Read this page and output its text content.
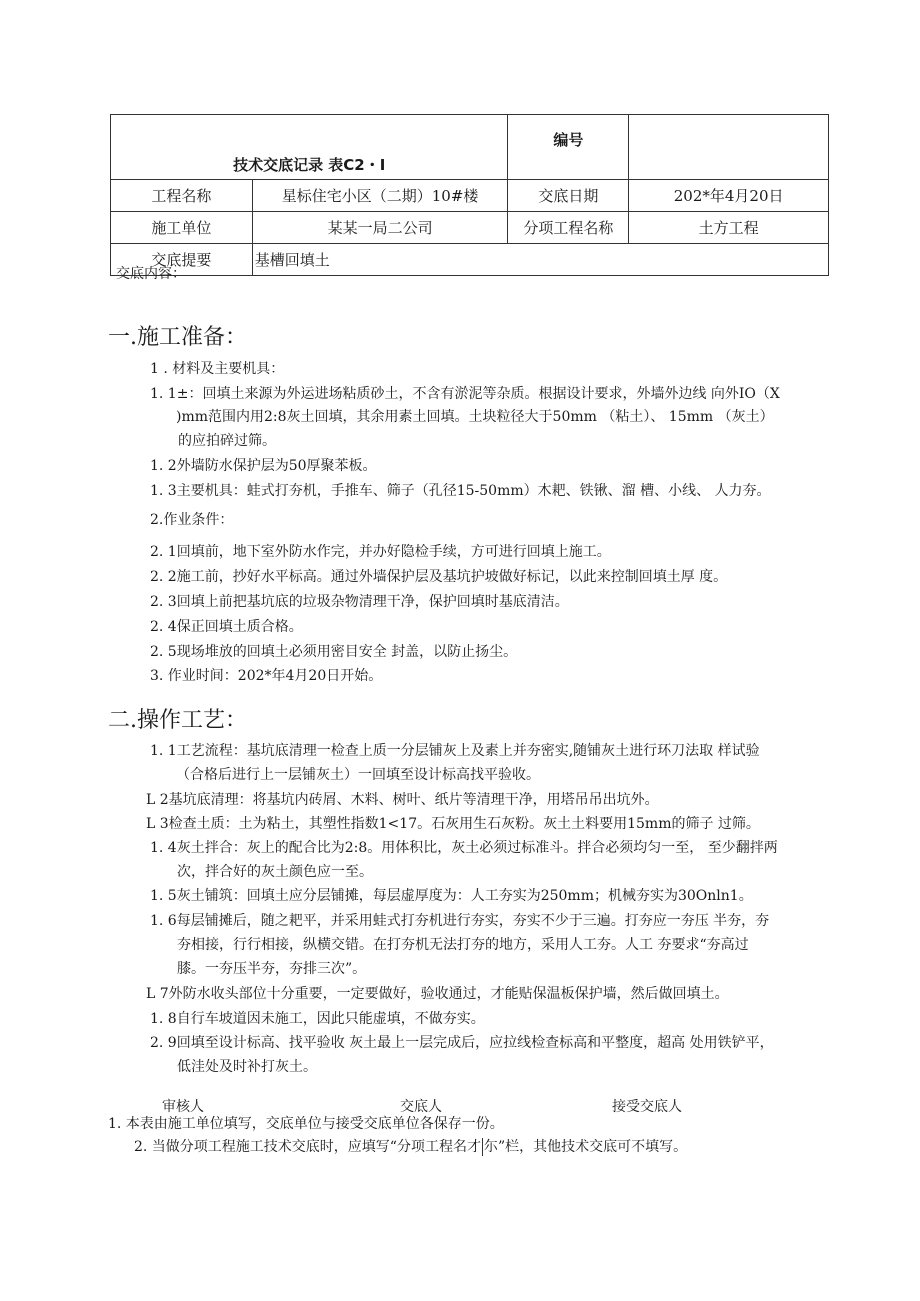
技术交底记录 表C2・I		编号	
工程名称	星标住宅小区（二期）10#楼	交底日期	202*年4月20日
施工单位	某某一局二公司	分项工程名称	土方工程
交底提要	基槽回填土		
交底内容：
一.施工准备：
1 . 材料及主要机具：
1. 1±：回填土来源为外运进场粘质砂土，不含有淤泥等杂质。根据设计要求，外墙外边线 向外IO（X
)mm范围内用2:8灰土回填，其余用素土回填。土块粒径大于50mm （粘土）、 15mm （灰土）
的应拍碎过筛。
1. 2外墙防水保护层为50厚聚苯板。
1. 3主要机具：蛙式打夯机，手推车、筛子（孔径15-50mm）木耙、铁锹、溜 槽、小线、 人力夯。
2.作业条件：
2. 1回填前，地下室外防水作完，并办好隐检手续，方可进行回填上施工。
2. 2施工前，抄好水平标高。通过外墙保护层及基坑护坡做好标记，以此来控制回填土厚 度。
2. 3回填上前把基坑底的垃圾杂物清理干净，保护回填时基底清洁。
2. 4保正回填土质合格。
2. 5现场堆放的回填土必须用密目安全 封盖，以防止扬尘。
3. 作业时间：202*年4月20日开始。
二.操作工艺：
1. 1工艺流程：基坑底清理一检查上质一分层铺灰上及素上并夯密实,随铺灰土进行环刀法取 样试验
（合格后进行上一层铺灰土）一回填至设计标高找平验收。
L 2基坑底清理：将基坑内砖屑、木料、树叶、纸片等清理干净，用塔吊吊出坑外。
L 3检查土质：土为粘土，其塑性指数1<17。石灰用生石灰粉。灰土土料要用15mm的筛子 过筛。
1. 4灰土拌合：灰上的配合比为2:8。用体积比，灰土必须过标准斗。拌合必须均匀一至， 至少翻拌两
次，拌合好的灰土颜色应一至。
1. 5灰土铺筑：回填土应分层铺摊，每层虚厚度为：人工夯实为250mm；机械夯实为30Onln1。
1. 6每层铺摊后，随之耙平，并采用蛙式打夯机进行夯实，夯实不少于三遍。打夯应一夯压 半夯，夯
夯相接，行行相接，纵横交错。在打夯机无法打夯的地方，采用人工夯。人工 夯要求“夯高过
膝。一夯压半夯，夯排三次”。
L 7外防水收头部位十分重要，一定要做好，验收通过，才能贴保温板保护墙，然后做回填土。
1. 8自行车坡道因未施工，因此只能虚填，不做夯实。
2. 9回填至设计标高、找平验收 灰土最上一层完成后，应拉线检查标高和平整度，超高 处用铁铲平，
低洼处及时补打灰土。
审核人	交底人	接受交底人
1. 本表由施工单位填写，交底单位与接受交底单位各保存一份。
2. 当做分项工程施工技术交底时，应填写“分项工程名才 尓”栏，其他技术交底可不填写。
